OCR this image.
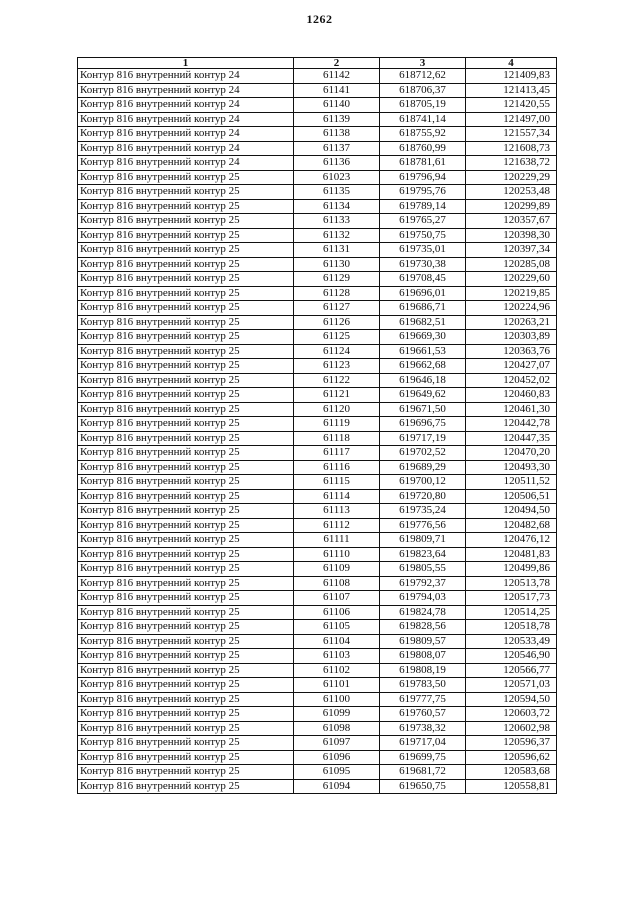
1262
1	2	3	4
Контур 816 внутренний контур 24	61142	618712,62	121409,83
Контур 816 внутренний контур 24	61141	618706,37	121413,45
Контур 816 внутренний контур 24	61140	618705,19	121420,55
Контур 816 внутренний контур 24	61139	618741,14	121497,00
Контур 816 внутренний контур 24	61138	618755,92	121557,34
Контур 816 внутренний контур 24	61137	618760,99	121608,73
Контур 816 внутренний контур 24	61136	618781,61	121638,72
Контур 816 внутренний контур 25	61023	619796,94	120229,29
Контур 816 внутренний контур 25	61135	619795,76	120253,48
Контур 816 внутренний контур 25	61134	619789,14	120299,89
Контур 816 внутренний контур 25	61133	619765,27	120357,67
Контур 816 внутренний контур 25	61132	619750,75	120398,30
Контур 816 внутренний контур 25	61131	619735,01	120397,34
Контур 816 внутренний контур 25	61130	619730,38	120285,08
Контур 816 внутренний контур 25	61129	619708,45	120229,60
Контур 816 внутренний контур 25	61128	619696,01	120219,85
Контур 816 внутренний контур 25	61127	619686,71	120224,96
Контур 816 внутренний контур 25	61126	619682,51	120263,21
Контур 816 внутренний контур 25	61125	619669,30	120303,89
Контур 816 внутренний контур 25	61124	619661,53	120363,76
Контур 816 внутренний контур 25	61123	619662,68	120427,07
Контур 816 внутренний контур 25	61122	619646,18	120452,02
Контур 816 внутренний контур 25	61121	619649,62	120460,83
Контур 816 внутренний контур 25	61120	619671,50	120461,30
Контур 816 внутренний контур 25	61119	619696,75	120442,78
Контур 816 внутренний контур 25	61118	619717,19	120447,35
Контур 816 внутренний контур 25	61117	619702,52	120470,20
Контур 816 внутренний контур 25	61116	619689,29	120493,30
Контур 816 внутренний контур 25	61115	619700,12	120511,52
Контур 816 внутренний контур 25	61114	619720,80	120506,51
Контур 816 внутренний контур 25	61113	619735,24	120494,50
Контур 816 внутренний контур 25	61112	619776,56	120482,68
Контур 816 внутренний контур 25	61111	619809,71	120476,12
Контур 816 внутренний контур 25	61110	619823,64	120481,83
Контур 816 внутренний контур 25	61109	619805,55	120499,86
Контур 816 внутренний контур 25	61108	619792,37	120513,78
Контур 816 внутренний контур 25	61107	619794,03	120517,73
Контур 816 внутренний контур 25	61106	619824,78	120514,25
Контур 816 внутренний контур 25	61105	619828,56	120518,78
Контур 816 внутренний контур 25	61104	619809,57	120533,49
Контур 816 внутренний контур 25	61103	619808,07	120546,90
Контур 816 внутренний контур 25	61102	619808,19	120566,77
Контур 816 внутренний контур 25	61101	619783,50	120571,03
Контур 816 внутренний контур 25	61100	619777,75	120594,50
Контур 816 внутренний контур 25	61099	619760,57	120603,72
Контур 816 внутренний контур 25	61098	619738,32	120602,98
Контур 816 внутренний контур 25	61097	619717,04	120596,37
Контур 816 внутренний контур 25	61096	619699,75	120596,62
Контур 816 внутренний контур 25	61095	619681,72	120583,68
Контур 816 внутренний контур 25	61094	619650,75	120558,81
